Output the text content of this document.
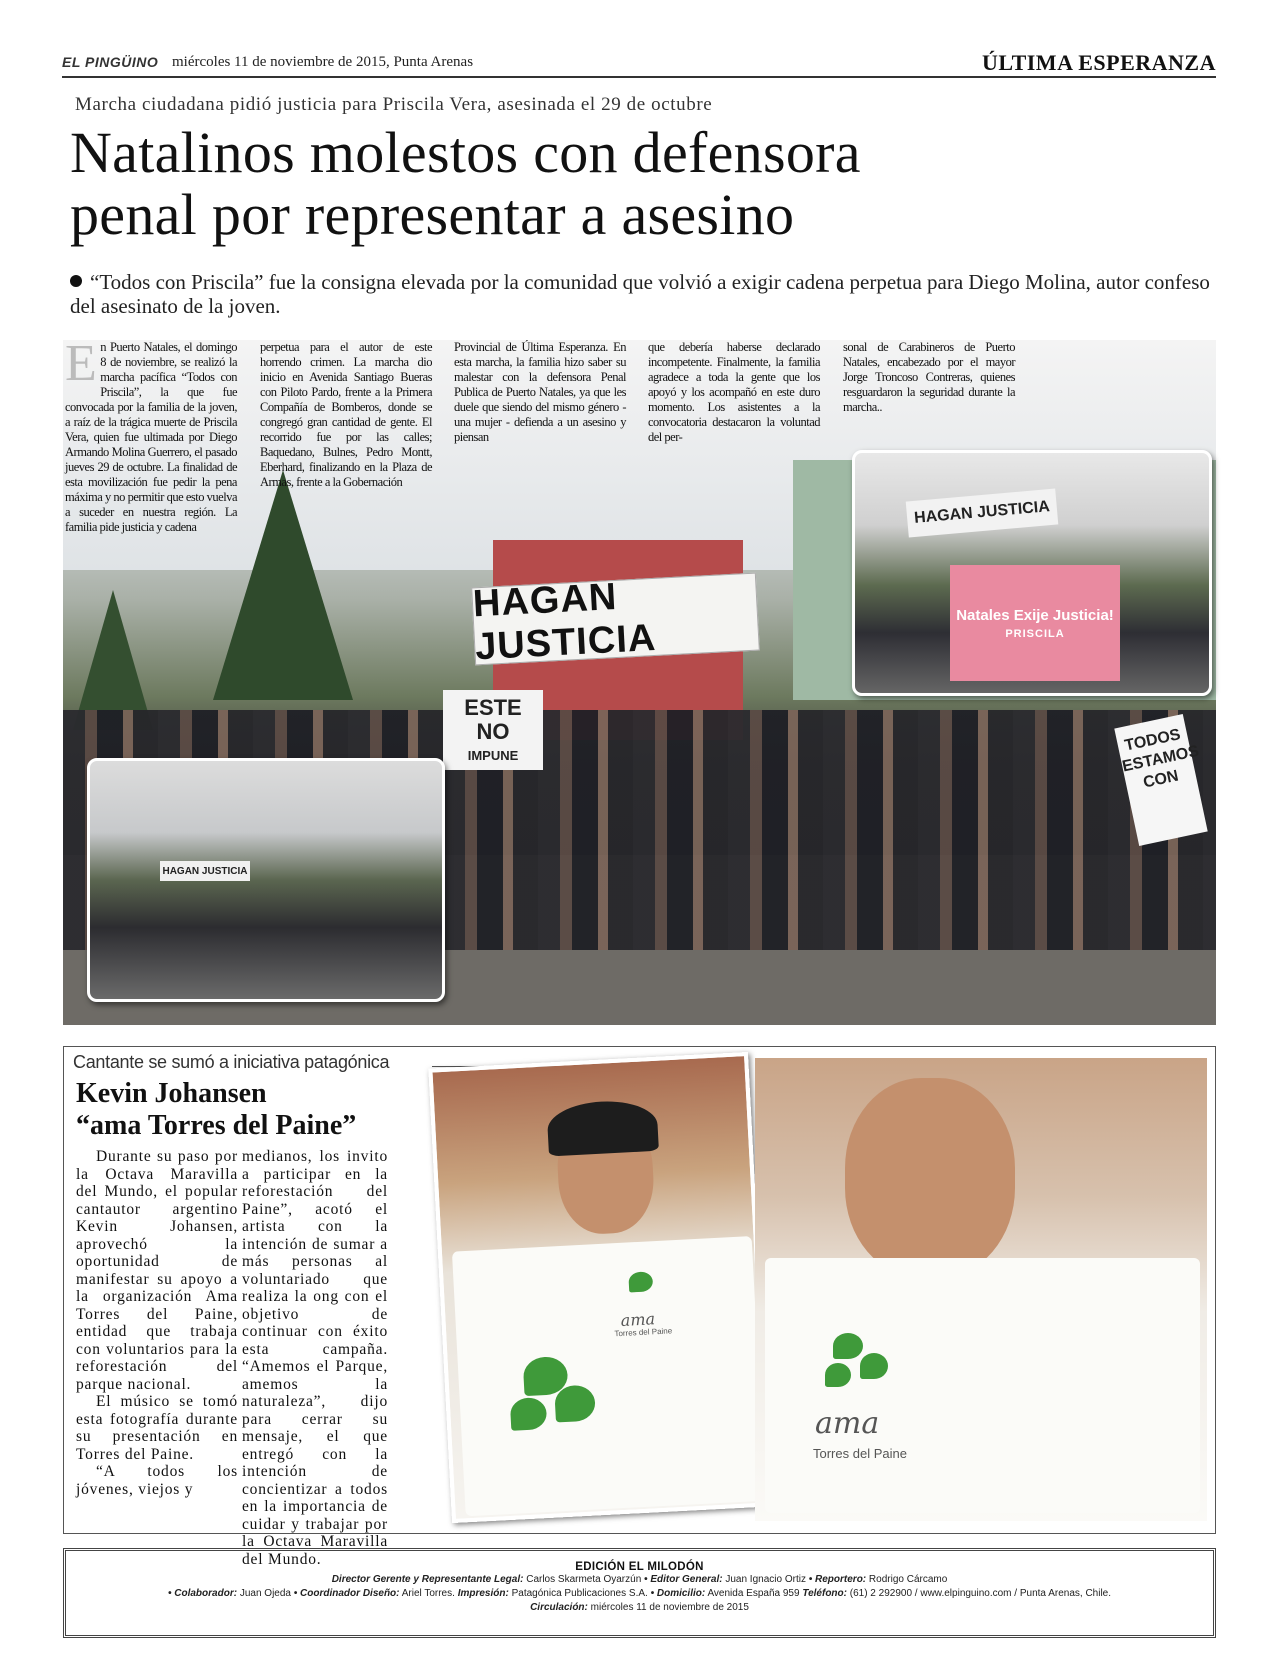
EL PINGÜINO miércoles 11 de noviembre de 2015, Punta Arenas	ÚLTIMA ESPERANZA
Marcha ciudadana pidió justicia para Priscila Vera, asesinada el 29 de octubre
Natalinos molestos con defensora
penal por representar a asesino
“Todos con Priscila” fue la consigna elevada por la comunidad que volvió a exigir cadena perpetua para Diego Molina, autor confeso del asesinato de la joven.
HAGAN JUSTICIA
ESTE
NO
IMPUNE
TODOS ESTAMOS CON
HAGAN JUSTICIA
Natales Exije Justicia!
PRISCILA
HAGAN JUSTICIA
E n Puerto Natales, el domingo 8 de noviembre, se realizó la marcha pacífica “Todos con Priscila”, la que fue convocada por la familia de la joven, a raíz de la trágica muerte de Priscila Vera, quien fue ultimada por Diego Armando Molina Guerrero, el pasado jueves 29 de octubre. La finalidad de esta movilización fue pedir la pena máxima y no permitir que esto vuelva a suceder en nuestra región. La familia pide justicia y cadena

perpetua para el autor de este horrendo crimen. La marcha dio inicio en Avenida Santiago Bueras con Piloto Pardo, frente a la Primera Compañía de Bomberos, donde se congregó gran cantidad de gente. El recorrido fue por las calles; Baquedano, Bulnes, Pedro Montt, Eberhard, finalizando en la Plaza de Armas, frente a la Gobernación

Provincial de Última Esperanza. En esta marcha, la familia hizo saber su malestar con la defensora Penal Publica de Puerto Natales, ya que les duele que siendo del mismo género - una mujer - defienda a un asesino y piensan

que debería haberse declarado incompetente. Finalmente, la familia agradece a toda la gente que los apoyó y los acompañó en este duro momento. Los asistentes a la convocatoria destacaron la voluntad del per-

sonal de Carabineros de Puerto Natales, encabezado por el mayor Jorge Troncoso Contreras, quienes resguardaron la seguridad durante la marcha..

Cantante se sumó a iniciativa patagónica
Kevin Johansen
“ama Torres del Paine”

Durante su paso por la Octava Maravilla del Mundo, el popular cantautor argentino Kevin Johansen, aprovechó la oportunidad de manifestar su apoyo a la organización Ama Torres del Paine, entidad que trabaja con voluntarios para la reforestación del parque nacional.

El músico se tomó esta fotografía durante su presentación en Torres del Paine.

“A todos los jóvenes, viejos y

medianos, los invito a participar en la reforestación del Paine”, acotó el artista con la intención de sumar a más personas al voluntariado que realiza la ong con el objetivo de continuar con éxito esta campaña. “Amemos el Parque, amemos la naturaleza”, dijo para cerrar su mensaje, el que entregó con la intención de concientizar a todos en la importancia de cuidar y trabajar por la Octava Maravilla del Mundo.

ama
Torres del Paine
ama
Torres del Paine
EDICIÓN EL MILODÓN
Director Gerente y Representante Legal: Carlos Skarmeta Oyarzún • Editor General: Juan Ignacio Ortiz • Reportero: Rodrigo Cárcamo
• Colaborador: Juan Ojeda • Coordinador Diseño: Ariel Torres. Impresión: Patagónica Publicaciones S.A. • Domicilio: Avenida España 959 Teléfono: (61) 2 292900 / www.elpinguino.com / Punta Arenas, Chile.
Circulación: miércoles 11 de noviembre de 2015
